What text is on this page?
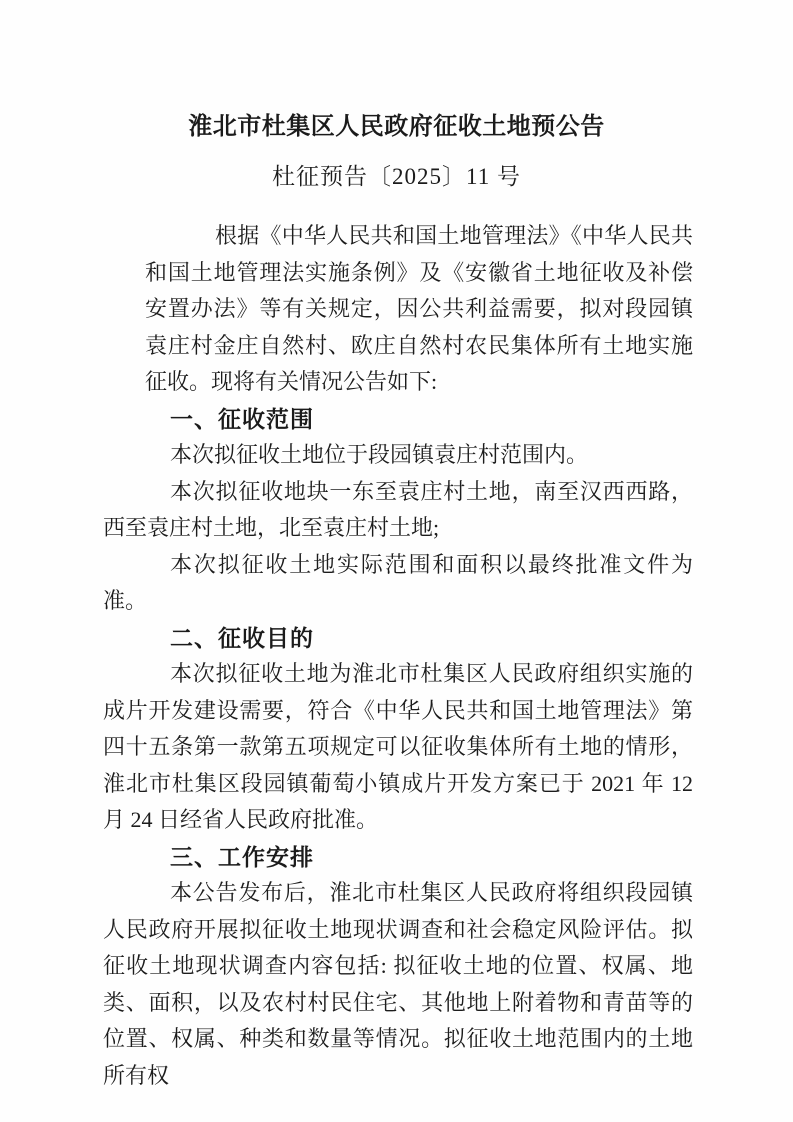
淮北市杜集区人民政府征收土地预公告
杜征预告〔2025〕11 号

根据《中华人民共和国土地管理法》《中华人民共和国土地管理法实施条例》及《安徽省土地征收及补偿安置办法》等有关规定，因公共利益需要，拟对段园镇袁庄村金庄自然村、欧庄自然村农民集体所有土地实施征收。现将有关情况公告如下:

一、征收范围

本次拟征收土地位于段园镇袁庄村范围内。

本次拟征收地块一东至袁庄村土地，南至汉西西路，西至袁庄村土地，北至袁庄村土地;

本次拟征收土地实际范围和面积以最终批准文件为准。

二、征收目的

本次拟征收土地为淮北市杜集区人民政府组织实施的成片开发建设需要，符合《中华人民共和国土地管理法》第四十五条第一款第五项规定可以征收集体所有土地的情形，淮北市杜集区段园镇葡萄小镇成片开发方案已于 2021 年 12 月 24 日经省人民政府批准。

三、工作安排

本公告发布后，淮北市杜集区人民政府将组织段园镇人民政府开展拟征收土地现状调查和社会稳定风险评估。拟征收土地现状调查内容包括: 拟征收土地的位置、权属、地类、面积，以及农村村民住宅、其他地上附着物和青苗等的位置、权属、种类和数量等情况。拟征收土地范围内的土地所有权
